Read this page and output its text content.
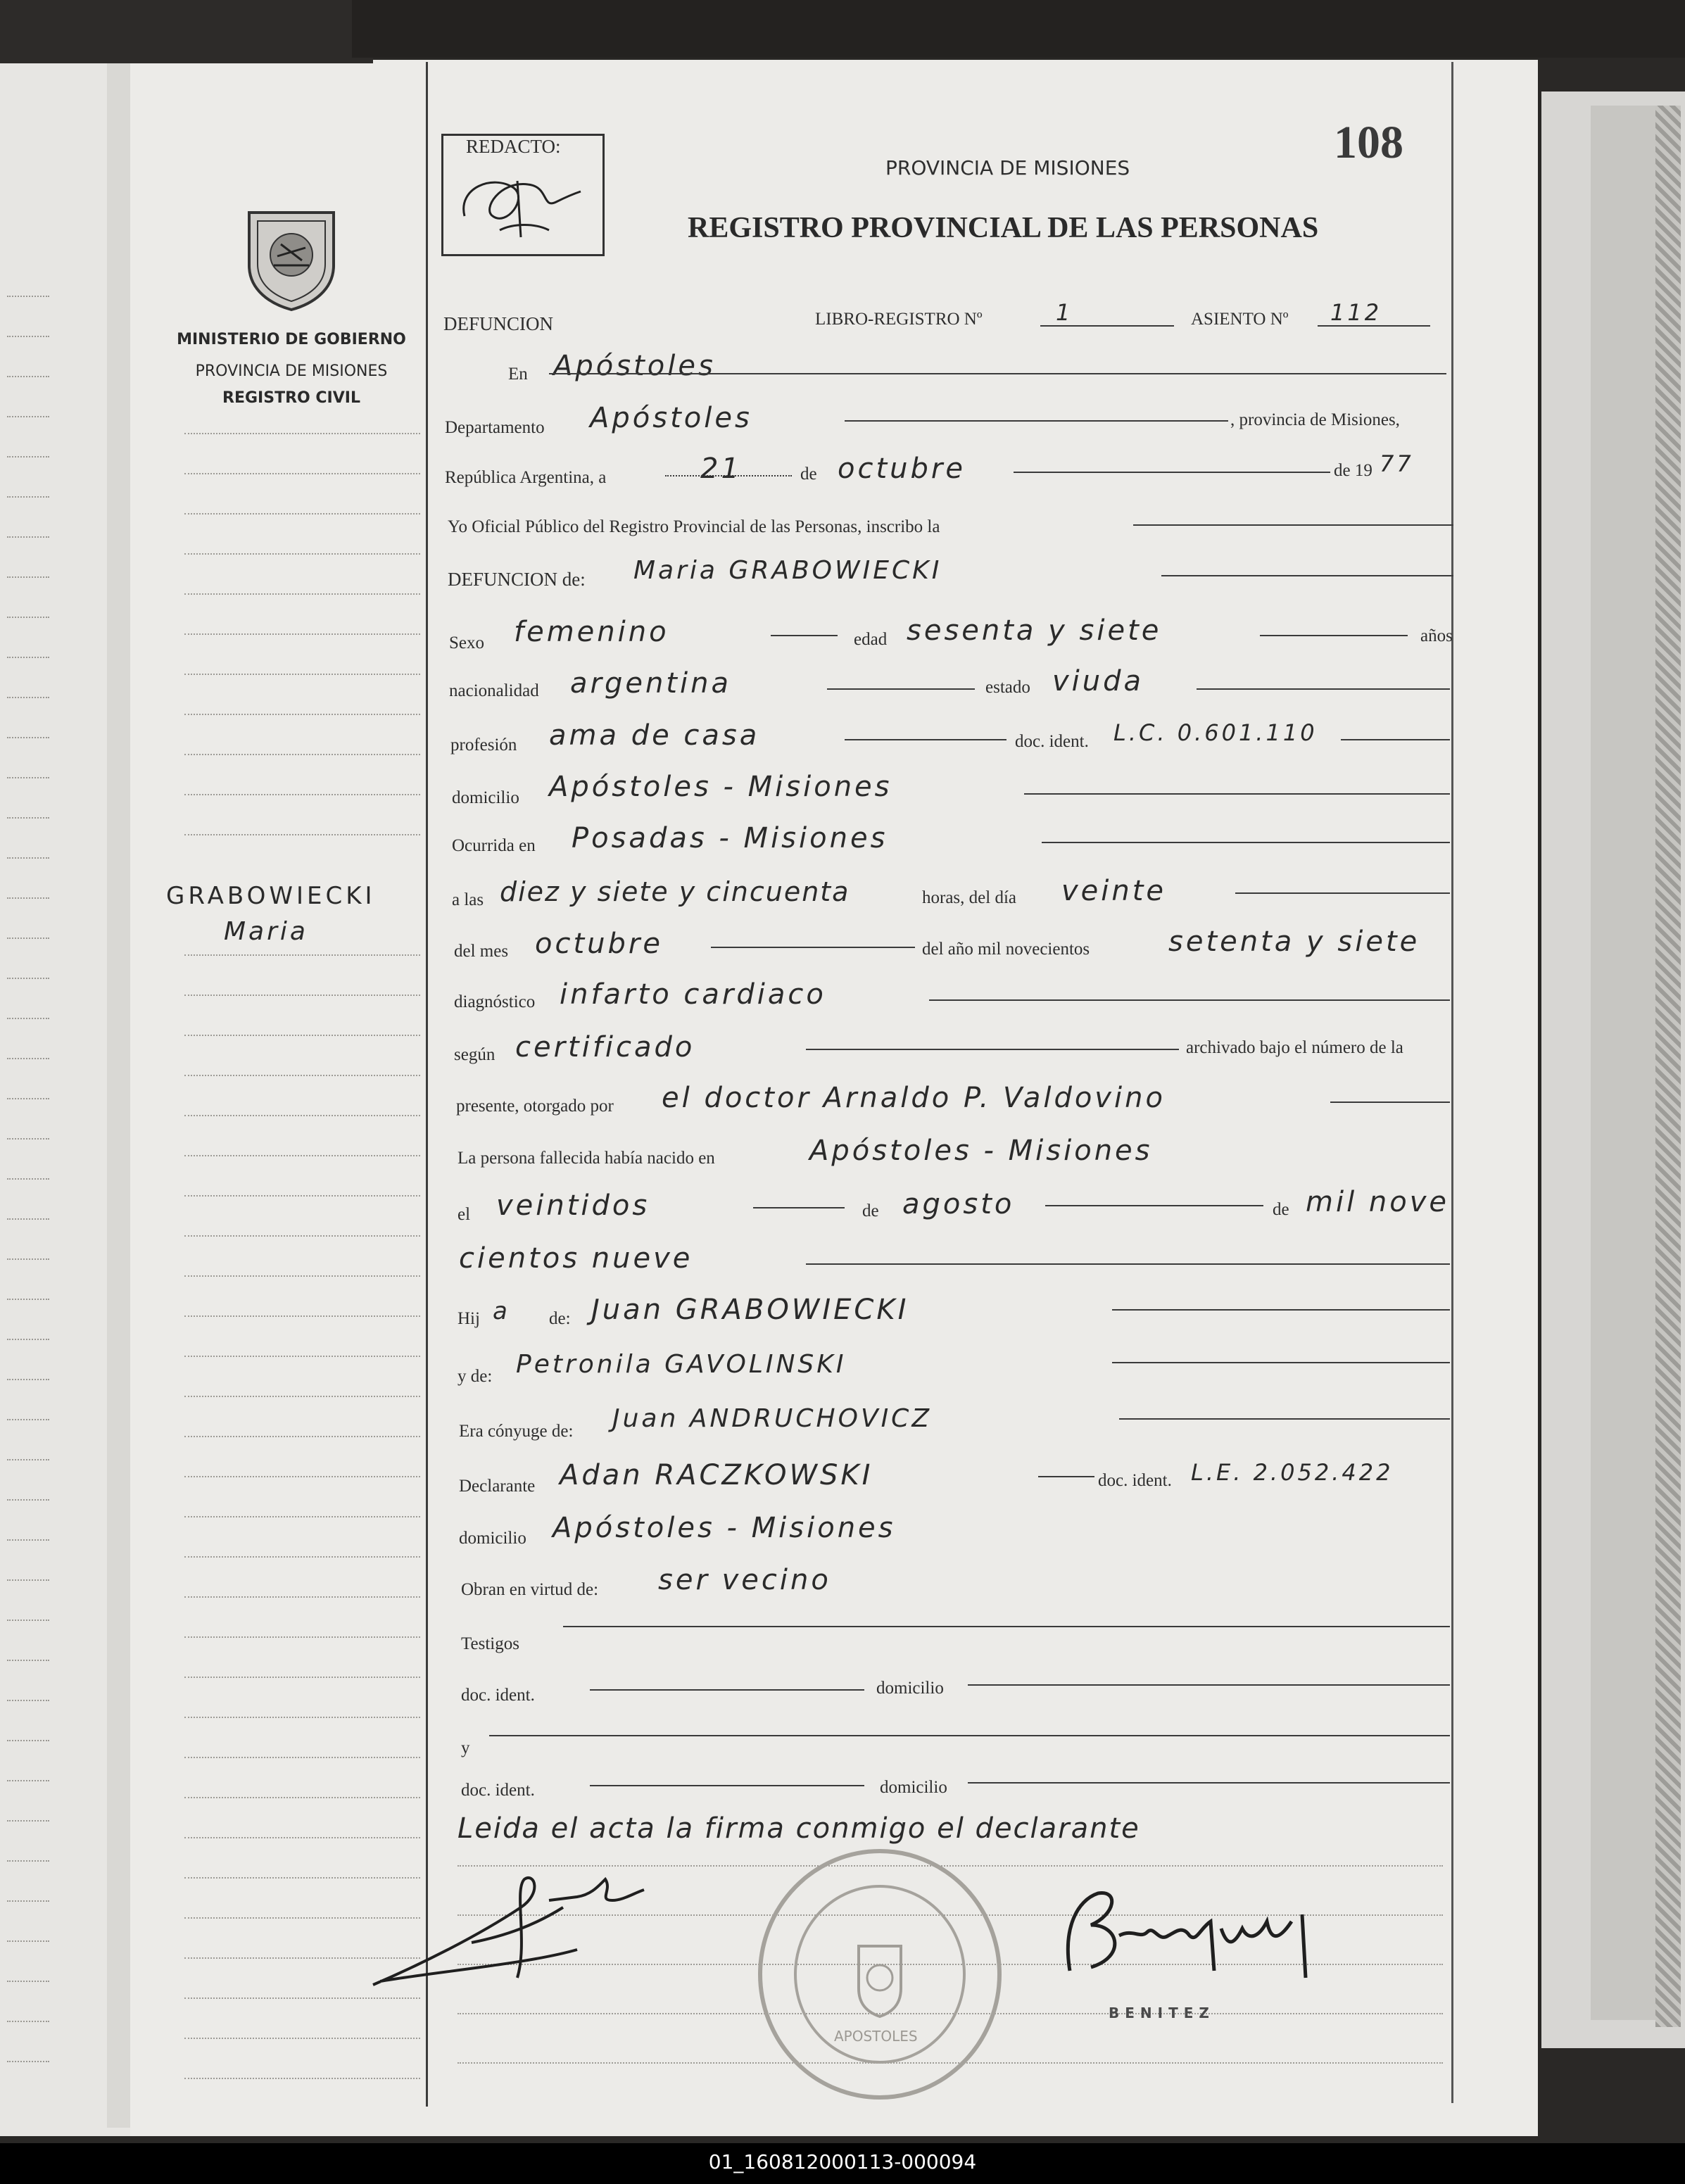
REDACTO:	108
PROVINCIA DE MISIONES
REGISTRO PROVINCIAL DE LAS PERSONAS
MINISTERIO DE GOBIERNO
PROVINCIA DE MISIONES
REGISTRO CIVIL
GRABOWIECKI
Maria
DEFUNCION	LIBRO-REGISTRO Nº	1	ASIENTO Nº 112
En Apóstoles
Departamento Apóstoles	, provincia de Misiones,
República Argentina, a	21	de octubre	de 19 77
Yo Oficial Público del Registro Provincial de las Personas, inscribo la
DEFUNCION de: Maria GRABOWIECKI
Sexo femenino	edad sesenta y siete	años
nacionalidad argentina	estado viuda
profesión ama de casa	doc. ident. L.C. 0.601.110
domicilio Apóstoles - Misiones
Ocurrida en Posadas - Misiones
a las diez y siete y cincuenta	horas, del día veinte
del mes octubre	del año mil novecientos	setenta y siete
diagnóstico infarto cardiaco
según certificado	archivado bajo el número de la
presente, otorgado por el doctor Arnaldo P. Valdovino
La persona fallecida había nacido en	Apóstoles - Misiones
el veintidos	de agosto	de mil nove
cientos nueve
Hij a de: Juan GRABOWIECKI
y de: Petronila GAVOLINSKI
Era cónyuge de: Juan ANDRUCHOVICZ
Declarante Adan RACZKOWSKI	doc. ident. L.E. 2.052.422
domicilio Apóstoles - Misiones
Obran en virtud de: ser vecino
Testigos
doc. ident.	domicilio
y
doc. ident.	domicilio
Leida el acta la firma conmigo el declarante
APOSTOLES
BENITEZ
01_160812000113-000094
